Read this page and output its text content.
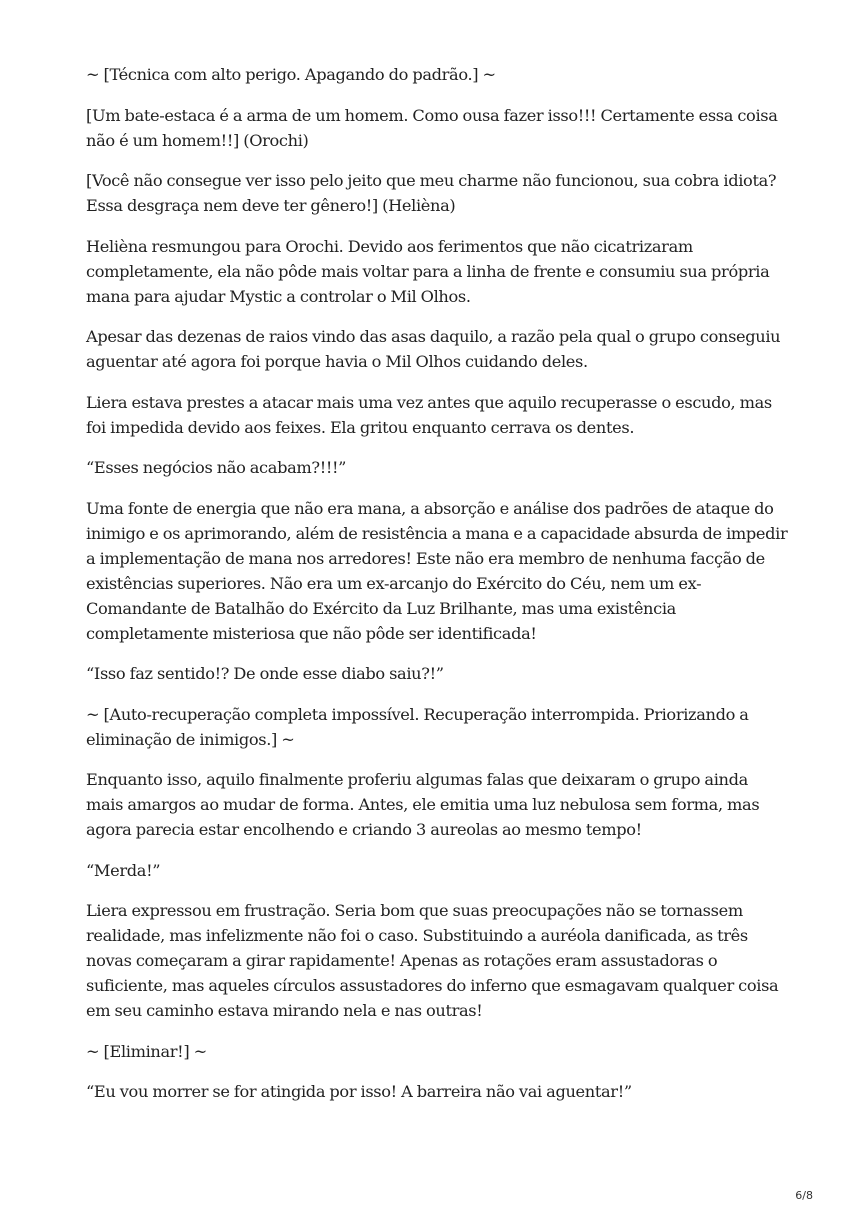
~ [Técnica com alto perigo. Apagando do padrão.] ~

[Um bate-estaca é a arma de um homem. Como ousa fazer isso!!! Certamente essa coisa não é um homem!!] (Orochi)

[Você não consegue ver isso pelo jeito que meu charme não funcionou, sua cobra idiota? Essa desgraça nem deve ter gênero!] (Helièna)

Helièna resmungou para Orochi. Devido aos ferimentos que não cicatrizaram completamente, ela não pôde mais voltar para a linha de frente e consumiu sua própria mana para ajudar Mystic a controlar o Mil Olhos.

Apesar das dezenas de raios vindo das asas daquilo, a razão pela qual o grupo conseguiu aguentar até agora foi porque havia o Mil Olhos cuidando deles.

Liera estava prestes a atacar mais uma vez antes que aquilo recuperasse o escudo, mas foi impedida devido aos feixes. Ela gritou enquanto cerrava os dentes.

“Esses negócios não acabam?!!!”

Uma fonte de energia que não era mana, a absorção e análise dos padrões de ataque do inimigo e os aprimorando, além de resistência a mana e a capacidade absurda de impedir a implementação de mana nos arredores! Este não era membro de nenhuma facção de existências superiores. Não era um ex-arcanjo do Exército do Céu, nem um ex-Comandante de Batalhão do Exército da Luz Brilhante, mas uma existência completamente misteriosa que não pôde ser identificada!

“Isso faz sentido!? De onde esse diabo saiu?!”

~ [Auto-recuperação completa impossível. Recuperação interrompida. Priorizando a eliminação de inimigos.] ~

Enquanto isso, aquilo finalmente proferiu algumas falas que deixaram o grupo ainda mais amargos ao mudar de forma. Antes, ele emitia uma luz nebulosa sem forma, mas agora parecia estar encolhendo e criando 3 aureolas ao mesmo tempo!

“Merda!”

Liera expressou em frustração. Seria bom que suas preocupações não se tornassem realidade, mas infelizmente não foi o caso. Substituindo a auréola danificada, as três novas começaram a girar rapidamente! Apenas as rotações eram assustadoras o suficiente, mas aqueles círculos assustadores do inferno que esmagavam qualquer coisa em seu caminho estava mirando nela e nas outras!

~ [Eliminar!] ~

“Eu vou morrer se for atingida por isso! A barreira não vai aguentar!”

6/8
